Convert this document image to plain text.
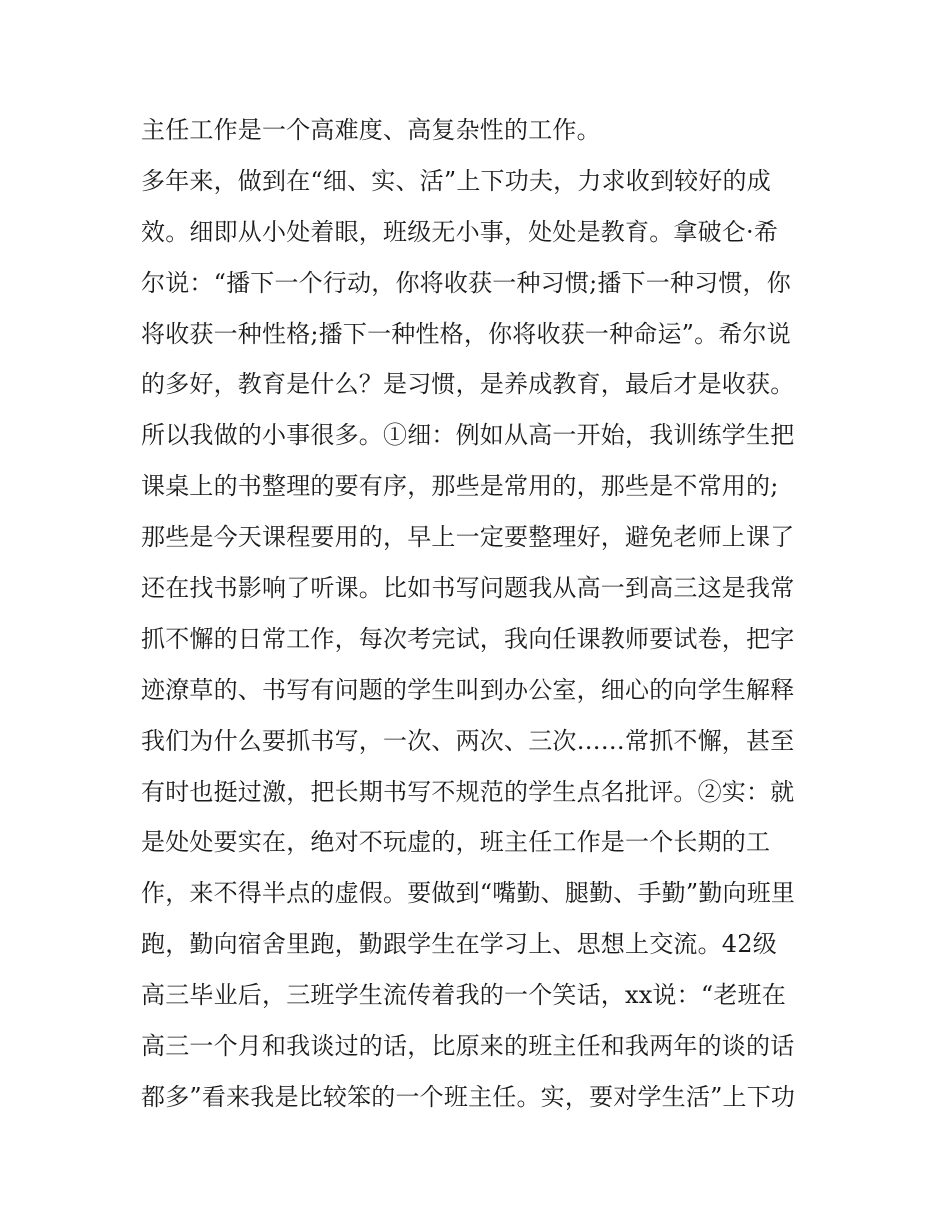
主任工作是一个高难度、高复杂性的工作。
多年来，做到在“细、实、活”上下功夫，力求收到较好的成
效。细即从小处着眼，班级无小事，处处是教育。拿破仑·希
尔说：“播下一个行动，你将收获一种习惯;播下一种习惯，你
将收获一种性格;播下一种性格，你将收获一种命运”。希尔说
的多好，教育是什么？是习惯，是养成教育，最后才是收获。
所以我做的小事很多。①细：例如从高一开始，我训练学生把
课桌上的书整理的要有序，那些是常用的，那些是不常用的;
那些是今天课程要用的，早上一定要整理好，避免老师上课了
还在找书影响了听课。比如书写问题我从高一到高三这是我常
抓不懈的日常工作，每次考完试，我向任课教师要试卷，把字
迹潦草的、书写有问题的学生叫到办公室，细心的向学生解释
我们为什么要抓书写，一次、两次、三次……常抓不懈，甚至
有时也挺过激，把长期书写不规范的学生点名批评。②实：就
是处处要实在，绝对不玩虚的，班主任工作是一个长期的工
作，来不得半点的虚假。要做到“嘴勤、腿勤、手勤”勤向班里
跑，勤向宿舍里跑，勤跟学生在学习上、思想上交流。42级
高三毕业后，三班学生流传着我的一个笑话，xx说：“老班在
高三一个月和我谈过的话，比原来的班主任和我两年的谈的话
都多”看来我是比较笨的一个班主任。实，要对学生活”上下功
